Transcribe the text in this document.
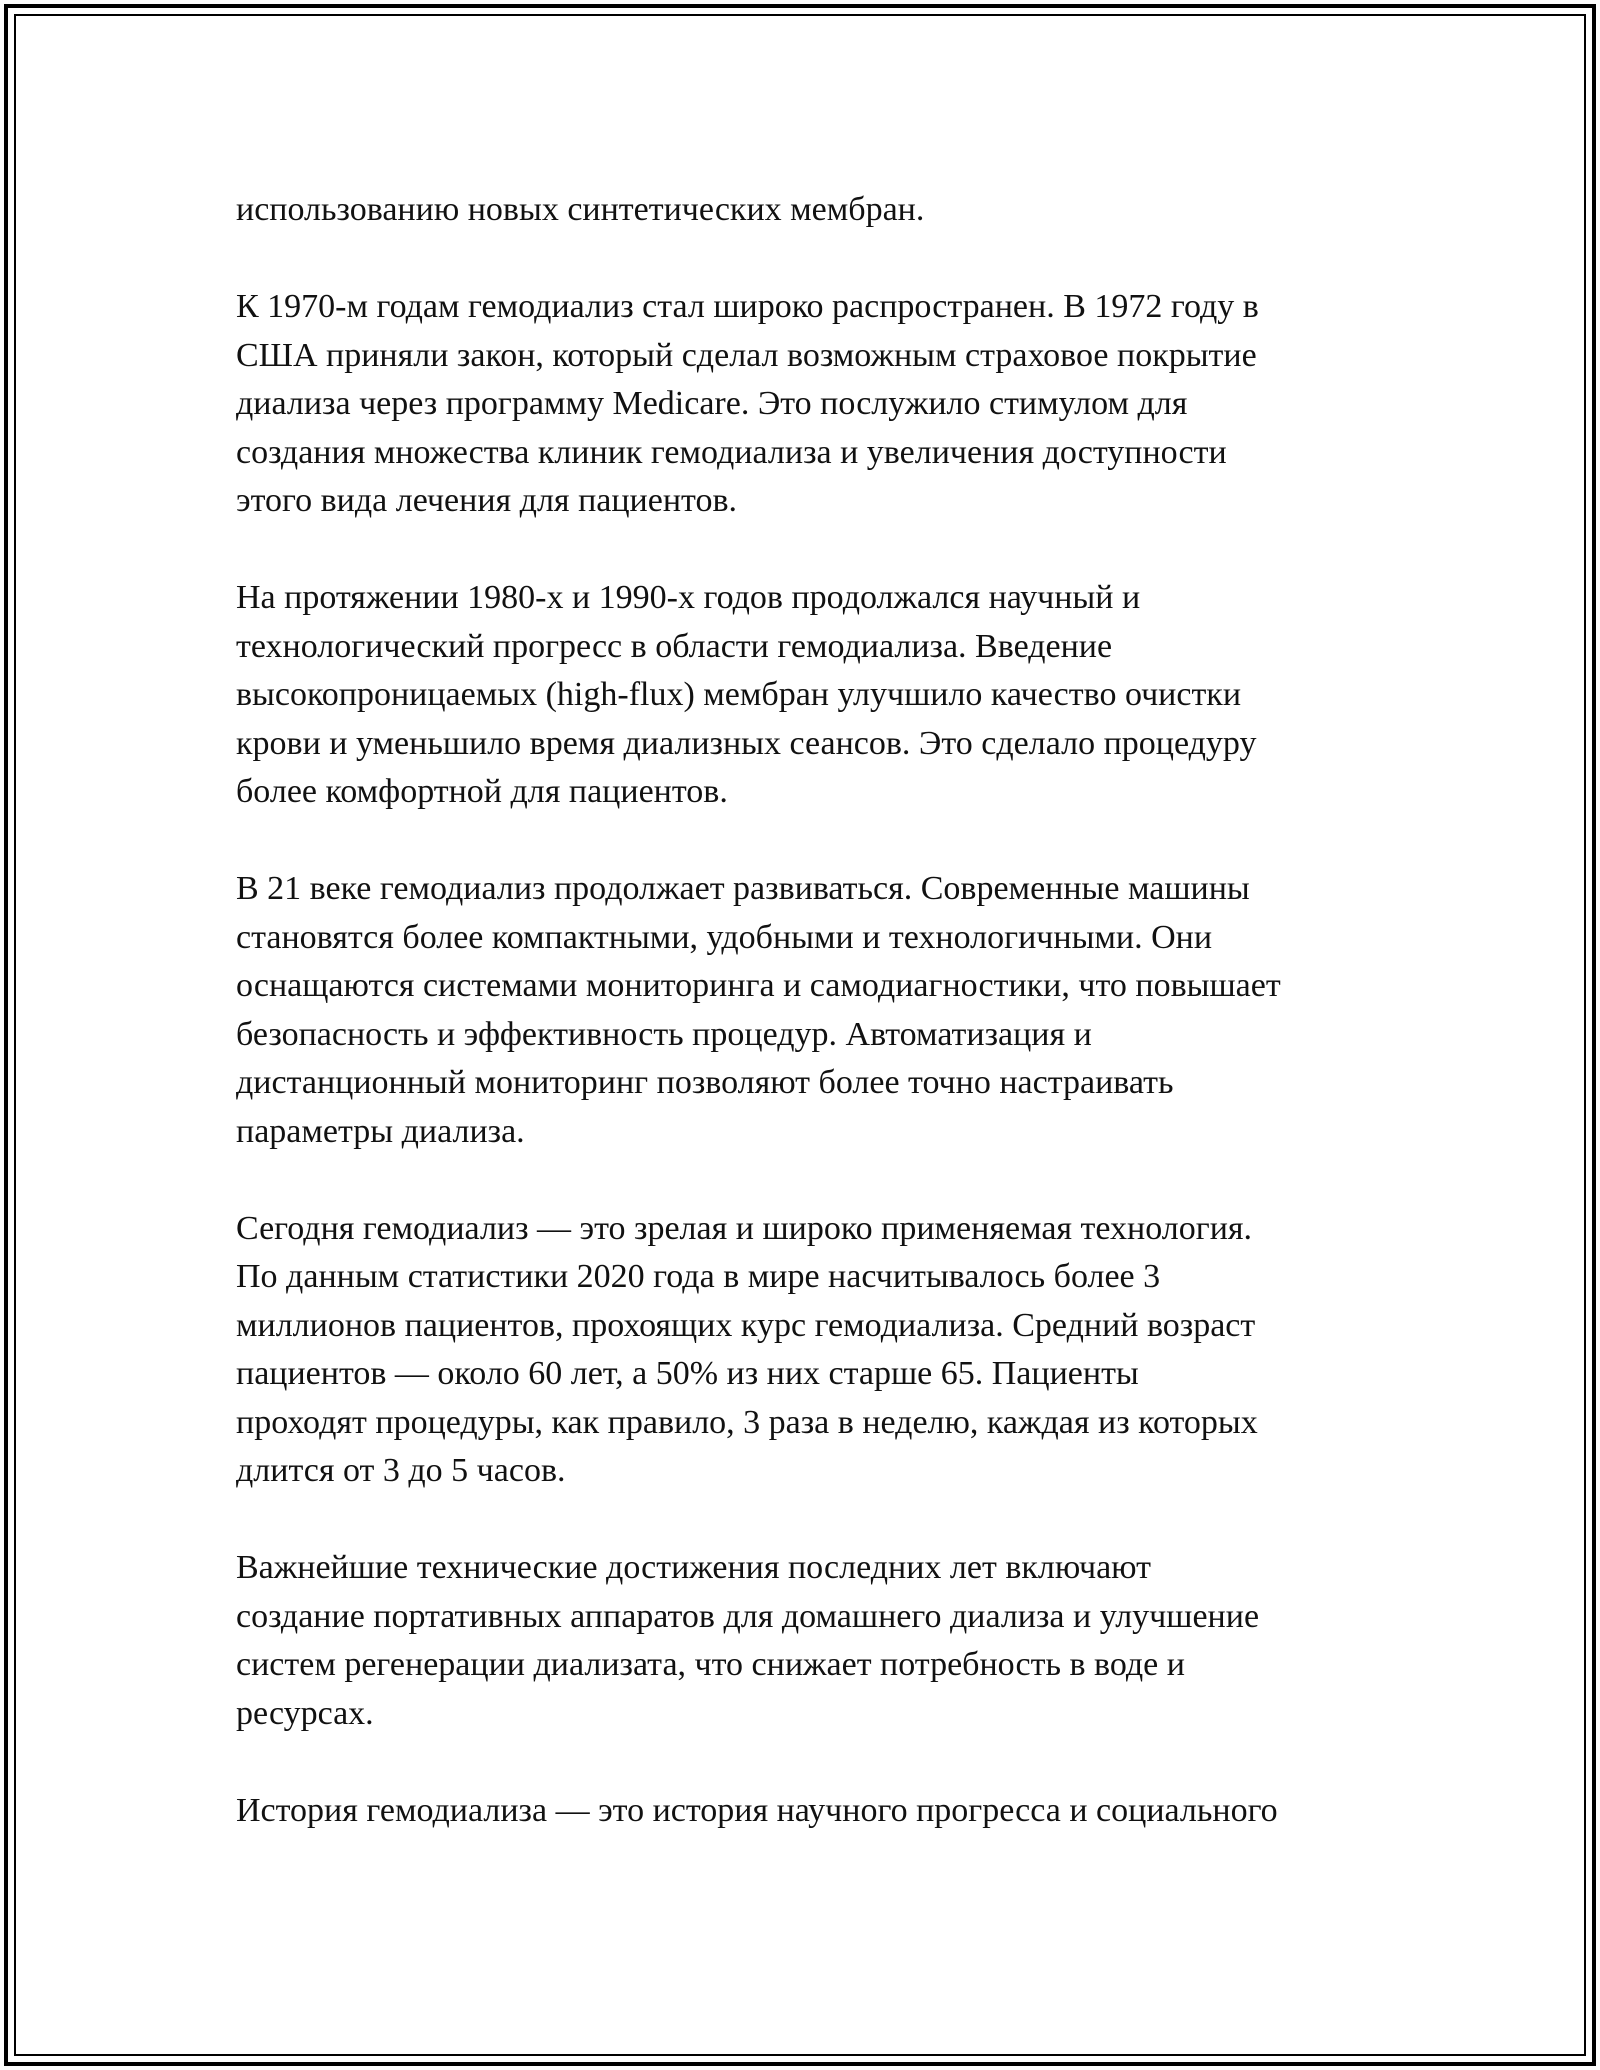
использованию новых синтетических мембран.

К 1970-м годам гемодиализ стал широко распространен. В 1972 году в
США приняли закон, который сделал возможным страховое покрытие
диализа через программу Medicare. Это послужило стимулом для
создания множества клиник гемодиализа и увеличения доступности
этого вида лечения для пациентов.

На протяжении 1980-х и 1990-х годов продолжался научный и
технологический прогресс в области гемодиализа. Введение
высокопроницаемых (high-flux) мембран улучшило качество очистки
крови и уменьшило время диализных сеансов. Это сделало процедуру
более комфортной для пациентов.

В 21 веке гемодиализ продолжает развиваться. Современные машины
становятся более компактными, удобными и технологичными. Они
оснащаются системами мониторинга и самодиагностики, что повышает
безопасность и эффективность процедур. Автоматизация и
дистанционный мониторинг позволяют более точно настраивать
параметры диализа.

Сегодня гемодиализ — это зрелая и широко применяемая технология.
По данным статистики 2020 года в мире насчитывалось более 3
миллионов пациентов, прохоящих курс гемодиализа. Средний возраст
пациентов — около 60 лет, а 50% из них старше 65. Пациенты
проходят процедуры, как правило, 3 раза в неделю, каждая из которых
длится от 3 до 5 часов.

Важнейшие технические достижения последних лет включают
создание портативных аппаратов для домашнего диализа и улучшение
систем регенерации диализата, что снижает потребность в воде и
ресурсах.

История гемодиализа — это история научного прогресса и социального
